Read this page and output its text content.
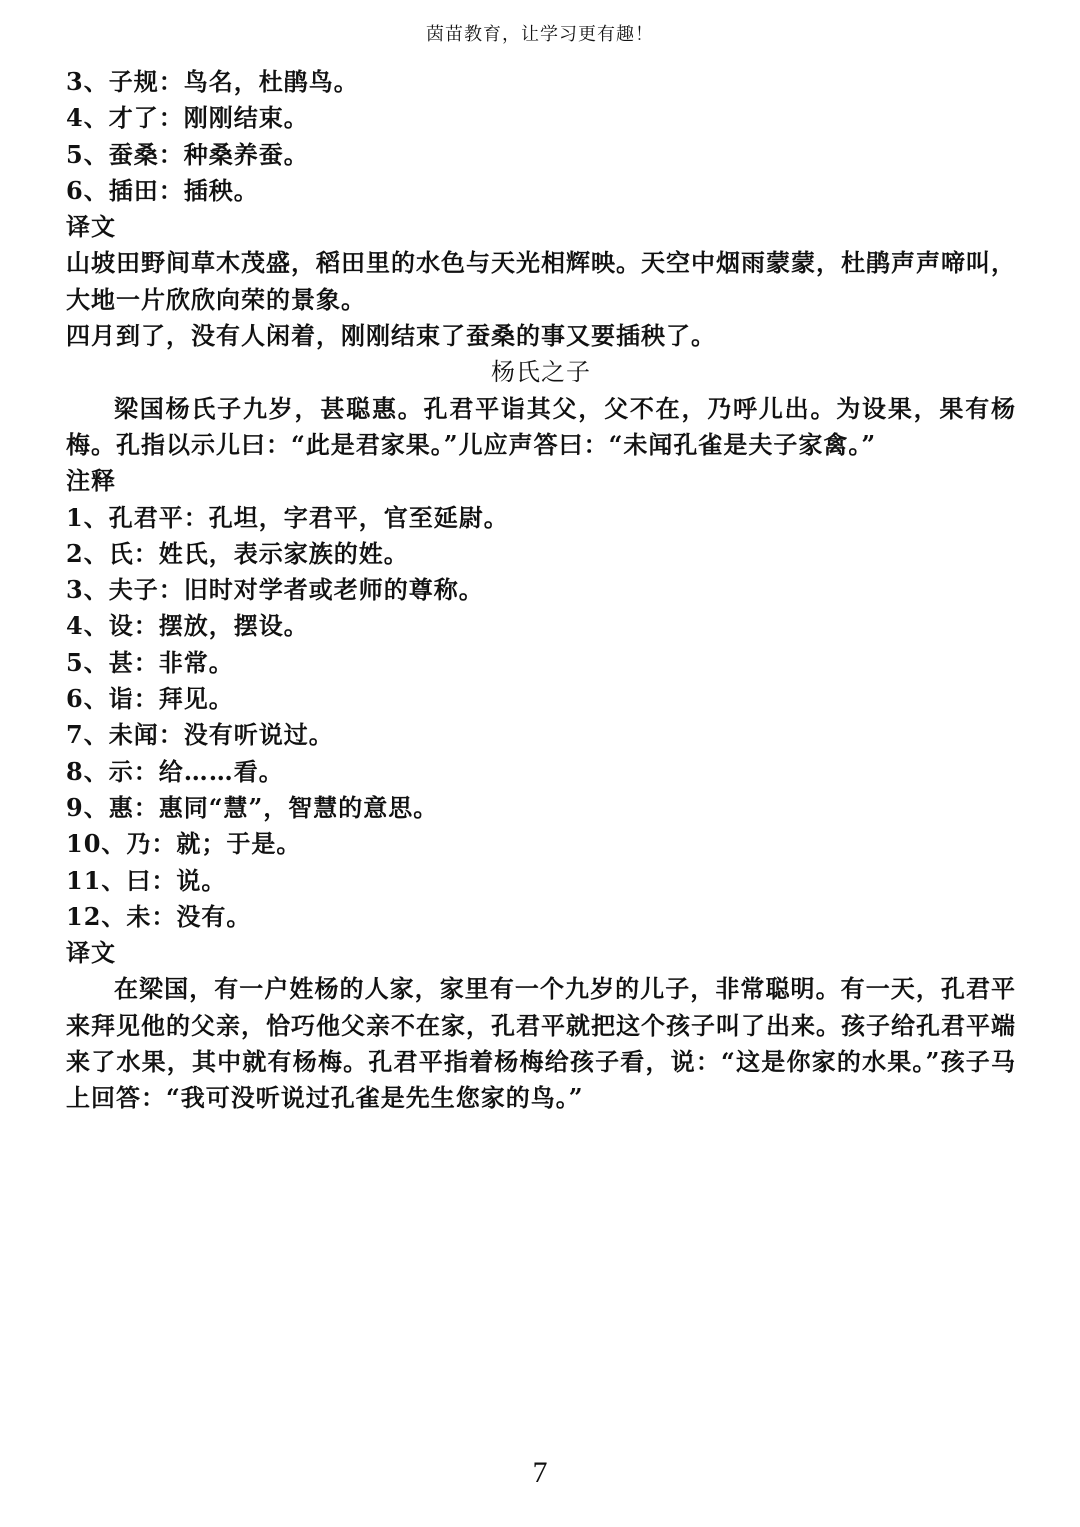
茵苗教育，让学习更有趣！
3、子规：鸟名，杜鹃鸟。
4、才了：刚刚结束。
5、蚕桑：种桑养蚕。
6、插田：插秧。
译文
山坡田野间草木茂盛，稻田里的水色与天光相辉映。天空中烟雨蒙蒙，杜鹃声声啼叫，大地一片欣欣向荣的景象。
四月到了，没有人闲着，刚刚结束了蚕桑的事又要插秧了。
杨氏之子
梁国杨氏子九岁，甚聪惠。孔君平诣其父，父不在，乃呼儿出。为设果，果有杨梅。孔指以示儿曰：“此是君家果。”儿应声答曰：“未闻孔雀是夫子家禽。”
注释
1、孔君平：孔坦，字君平，官至延尉。
2、氏：姓氏，表示家族的姓。
3、夫子：旧时对学者或老师的尊称。
4、设：摆放，摆设。
5、甚：非常。
6、诣：拜见。
7、未闻：没有听说过。
8、示：给……看。
9、惠：惠同“慧”，智慧的意思。
10、乃：就；于是。
11、曰：说。
12、未：没有。
译文
在梁国，有一户姓杨的人家，家里有一个九岁的儿子，非常聪明。有一天，孔君平来拜见他的父亲，恰巧他父亲不在家，孔君平就把这个孩子叫了出来。孩子给孔君平端来了水果，其中就有杨梅。孔君平指着杨梅给孩子看，说：“这是你家的水果。”孩子马上回答：“我可没听说过孔雀是先生您家的鸟。”
7
